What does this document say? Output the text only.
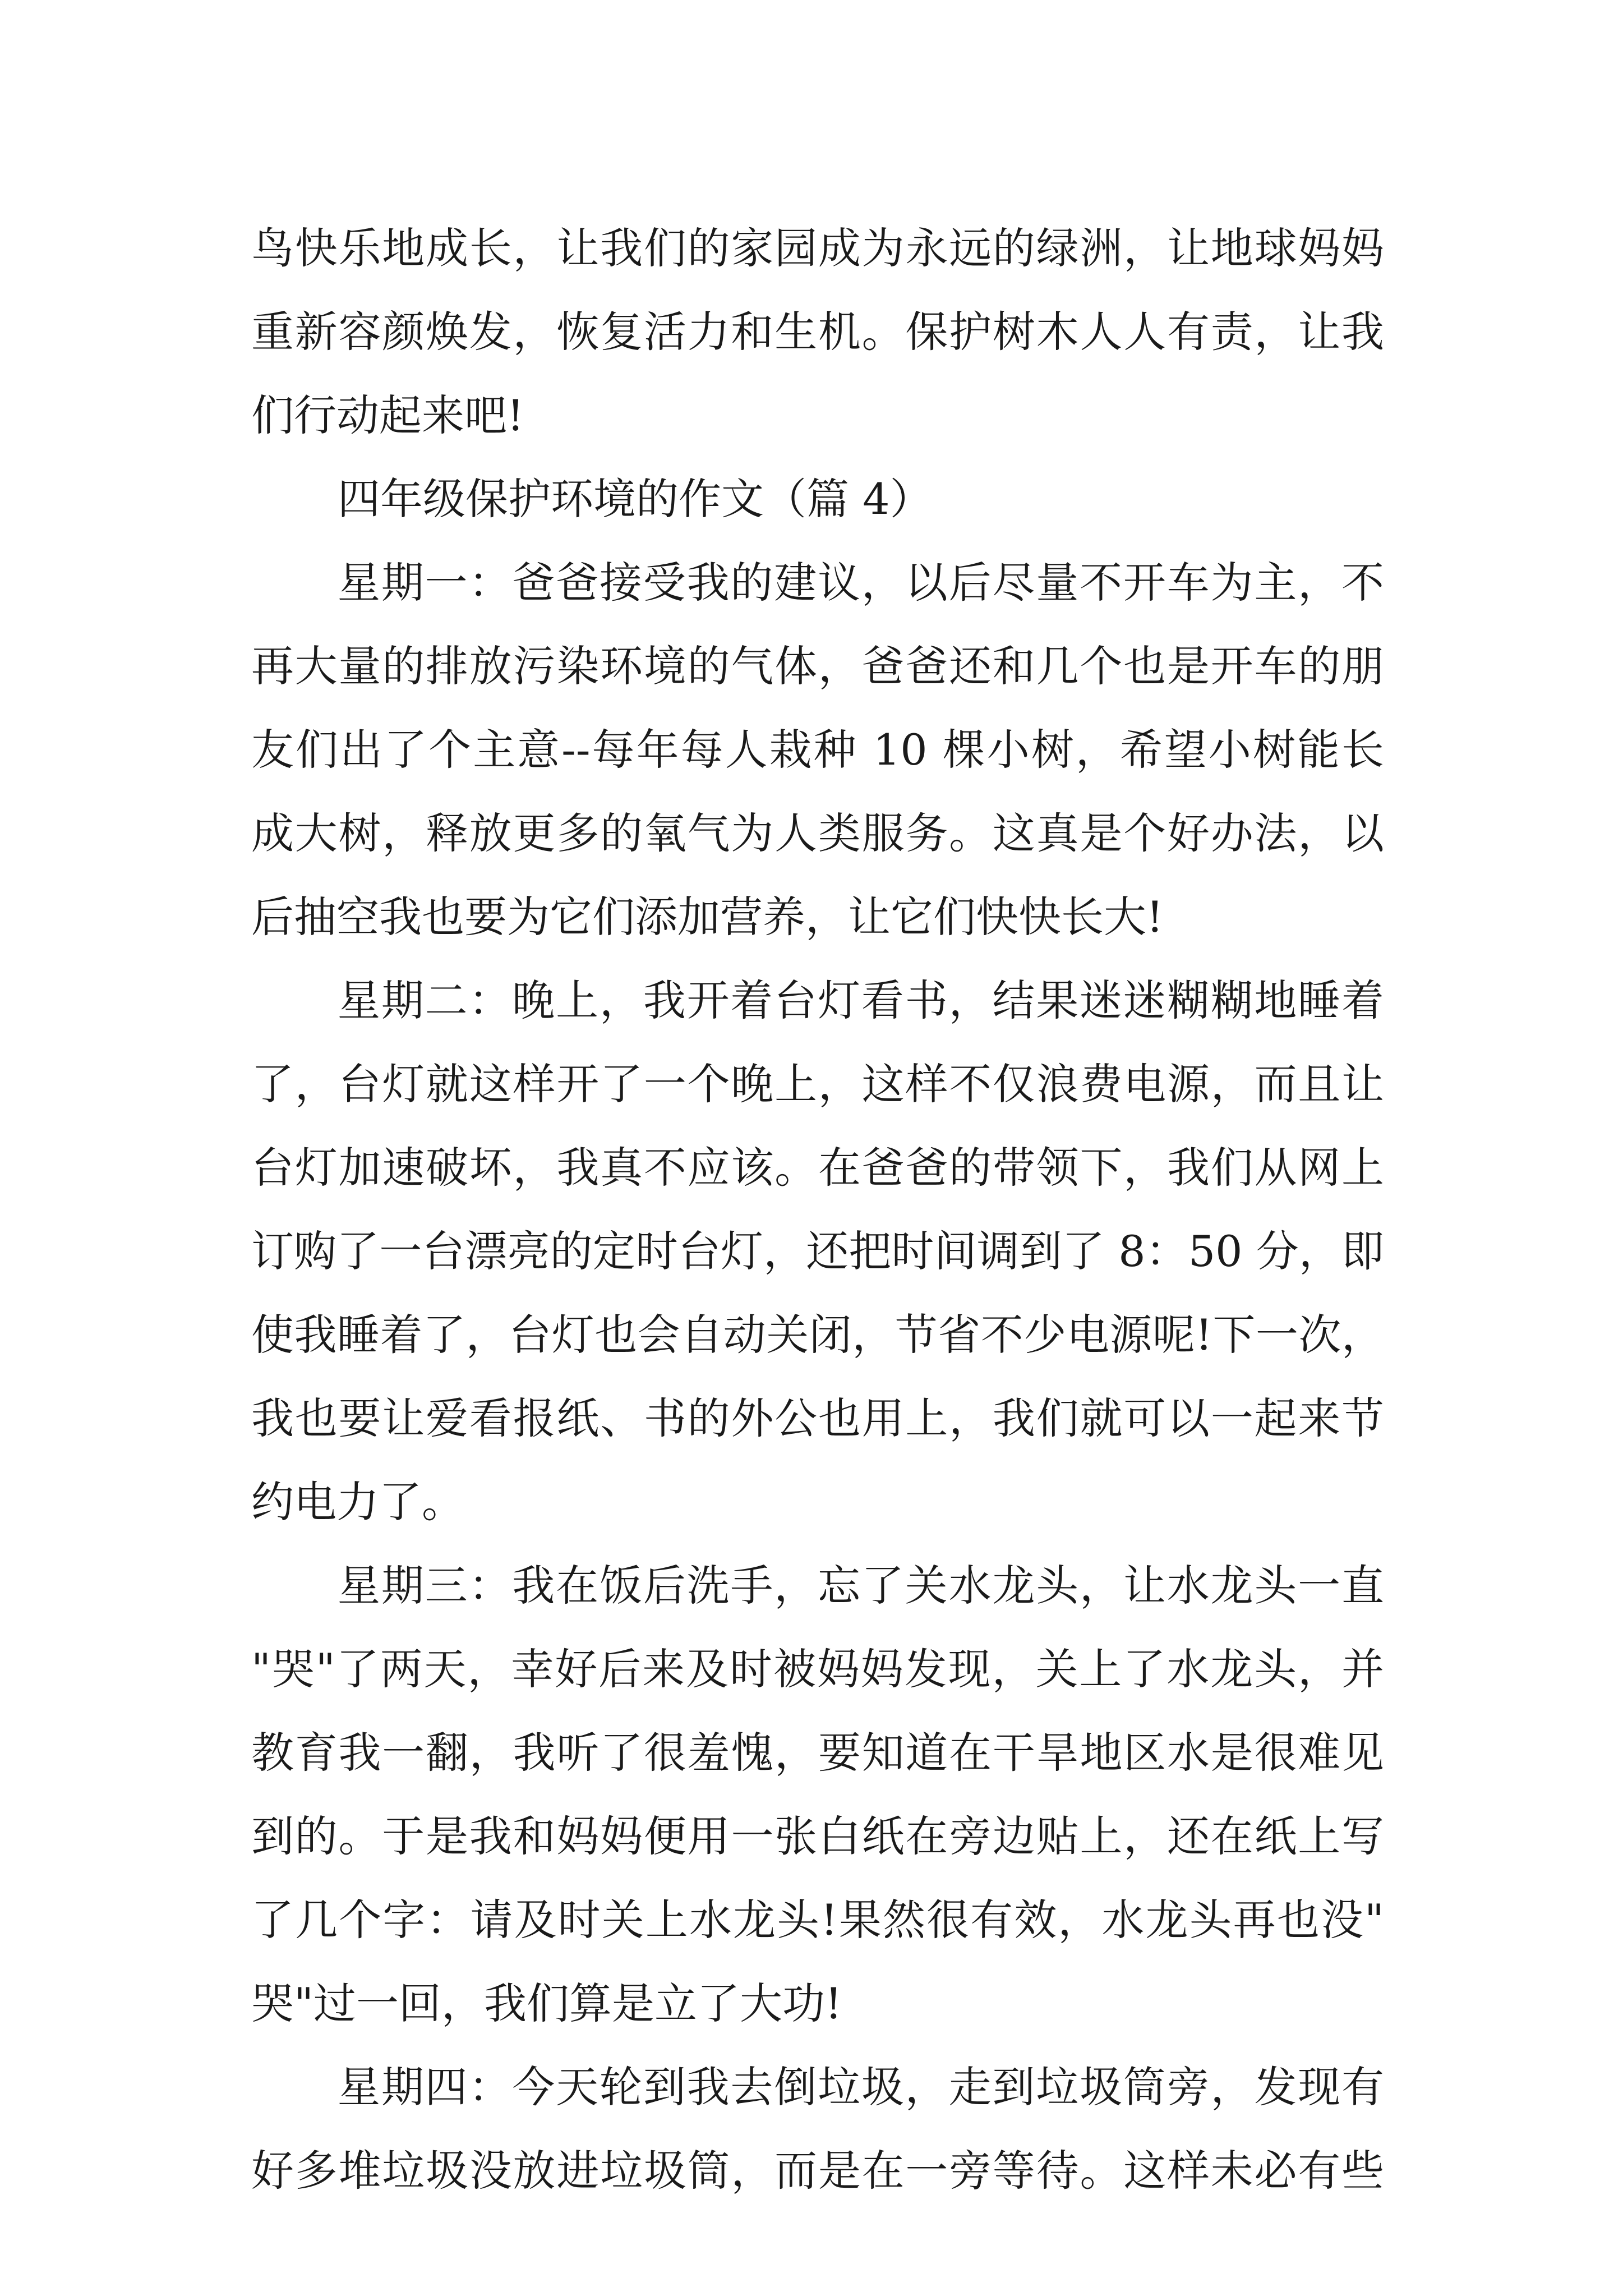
鸟快乐地成长，让我们的家园成为永远的绿洲，让地球妈妈
重新容颜焕发，恢复活力和生机。保护树木人人有责，让我
们行动起来吧!
四年级保护环境的作文（篇 4）
星期一：爸爸接受我的建议，以后尽量不开车为主，不
再大量的排放污染环境的气体，爸爸还和几个也是开车的朋
友们出了个主意--每年每人栽种 10 棵小树，希望小树能长
成大树，释放更多的氧气为人类服务。这真是个好办法，以
后抽空我也要为它们添加营养，让它们快快长大!
星期二：晚上，我开着台灯看书，结果迷迷糊糊地睡着
了，台灯就这样开了一个晚上，这样不仅浪费电源，而且让
台灯加速破坏，我真不应该。在爸爸的带领下，我们从网上
订购了一台漂亮的定时台灯，还把时间调到了 8：50 分，即
使我睡着了，台灯也会自动关闭，节省不少电源呢!下一次，
我也要让爱看报纸、书的外公也用上，我们就可以一起来节
约电力了。
星期三：我在饭后洗手，忘了关水龙头，让水龙头一直
"哭"了两天，幸好后来及时被妈妈发现，关上了水龙头，并
教育我一翻，我听了很羞愧，要知道在干旱地区水是很难见
到的。于是我和妈妈便用一张白纸在旁边贴上，还在纸上写
了几个字：请及时关上水龙头!果然很有效，水龙头再也没"
哭"过一回，我们算是立了大功!
星期四：今天轮到我去倒垃圾，走到垃圾筒旁，发现有
好多堆垃圾没放进垃圾筒，而是在一旁等待。这样未必有些
